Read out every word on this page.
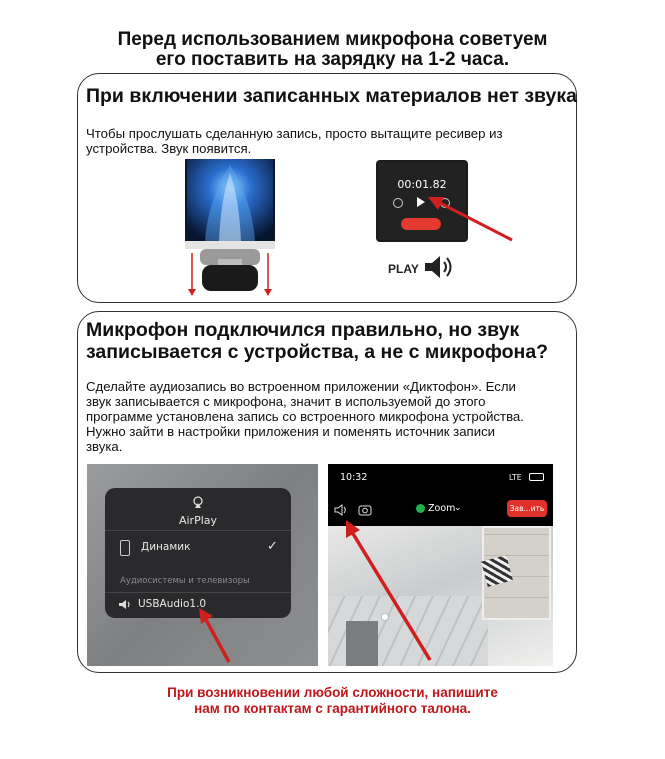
Перед использованием микрофона советуем
его поставить на зарядку на 1-2 часа.
При включении записанных материалов нет звука
Чтобы прослушать сделанную запись, просто вытащите ресивер из
устройства. Звук появится.
00:01.82
PLAY
Микрофон подключился правильно, но звук
записывается с устройства, а не с микрофона?
Сделайте аудиозапись во встроенном приложении «Диктофон». Если
звук записывается с микрофона, значит в используемой до этого
программе установлена запись со встроенного микрофона устройства.
Нужно зайти в настройки приложения и поменять источник записи
звука.
AirPlay
Динамик	✓
Аудиосистемы и телевизоры
USBAudio1.0
10:32	LTE
Zoom
⌄	Зав...ить
При возникновении любой сложности, напишите
нам по контактам с гарантийного талона.
